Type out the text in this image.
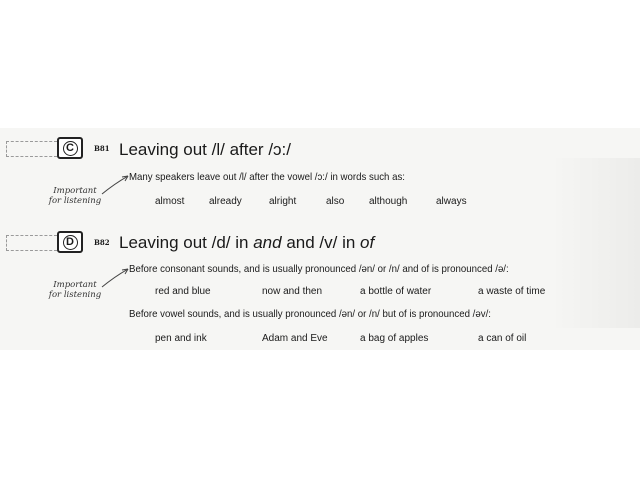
C	B81 Leaving out /l/ after /ɔ:/
Important
for listening
Many speakers leave out /l/ after the vowel /ɔ:/ in words such as:
almost already	alright	also although	always
D	B82 Leaving out /d/ in and and /v/ in of
Important
for listening
Before consonant sounds, and is usually pronounced /ən/ or /n/ and of is pronounced /ə/:
red and blue	now and then	a bottle of water	a waste of time
Before vowel sounds, and is usually pronounced /ən/ or /n/ but of is pronounced /əv/:
pen and ink	Adam and Eve	a bag of apples	a can of oil
